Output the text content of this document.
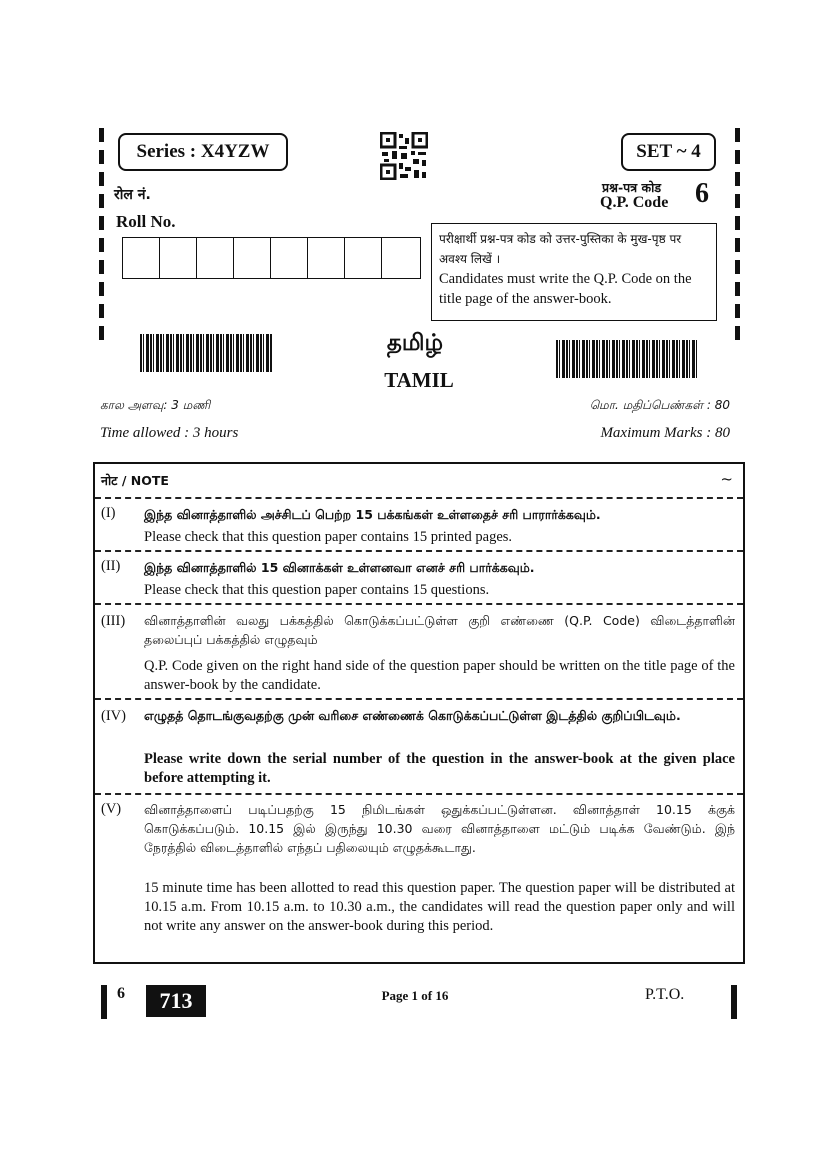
Series : X4YZW	SET ~ 4
रोल नं.
Roll No.
प्रश्न-पत्र कोड
Q.P. Code 6
परीक्षार्थी प्रश्न-पत्र कोड को उत्तर-पुस्तिका के मुख-पृष्ठ पर अवश्य लिखें ।
Candidates must write the Q.P. Code on the title page of the answer-book.
தமிழ்
TAMIL
கால அளவு: 3 மணி
Time allowed : 3 hours
மொ. மதிப்பெண்கள் : 80
Maximum Marks : 80
नोट / NOTE	~
(I) இந்த வினாத்தாளில் அச்சிடப் பெற்ற 15 பக்கங்கள் உள்ளதைச் சரி பாரார்க்கவும்.
Please check that this question paper contains 15 printed pages.
(II) இந்த வினாத்தாளில் 15 வினாக்கள் உள்ளனவா எனச் சரி பார்க்கவும்.
Please check that this question paper contains 15 questions.
(III) வினாத்தாளின் வலது பக்கத்தில் கொடுக்கப்பட்டுள்ள குறி எண்ணை (Q.P. Code) விடைத்தாளின் தலைப்புப் பக்கத்தில் எழுதவும்
Q.P. Code given on the right hand side of the question paper should be written on the title page of the answer-book by the candidate.
(IV) எழுதத் தொடங்குவதற்கு முன் வரிசை எண்ணைக் கொடுக்கப்பட்டுள்ள இடத்தில் குறிப்பிடவும்.
Please write down the serial number of the question in the answer-book at the given place before attempting it.
(V) வினாத்தாளைப் படிப்பதற்கு 15 நிமிடங்கள் ஒதுக்கப்பட்டுள்ளன. வினாத்தாள் 10.15 க்குக் கொடுக்கப்படும். 10.15 இல் இருந்து 10.30 வரை வினாத்தாளை மட்டும் படிக்க வேண்டும். இந் நேரத்தில் விடைத்தாளில் எந்தப் பதிலையும் எழுதக்கூடாது.
15 minute time has been allotted to read this question paper. The question paper will be distributed at 10.15 a.m. From 10.15 a.m. to 10.30 a.m., the candidates will read the question paper only and will not write any answer on the answer-book during this period.
6	713	Page 1 of 16	P.T.O.
